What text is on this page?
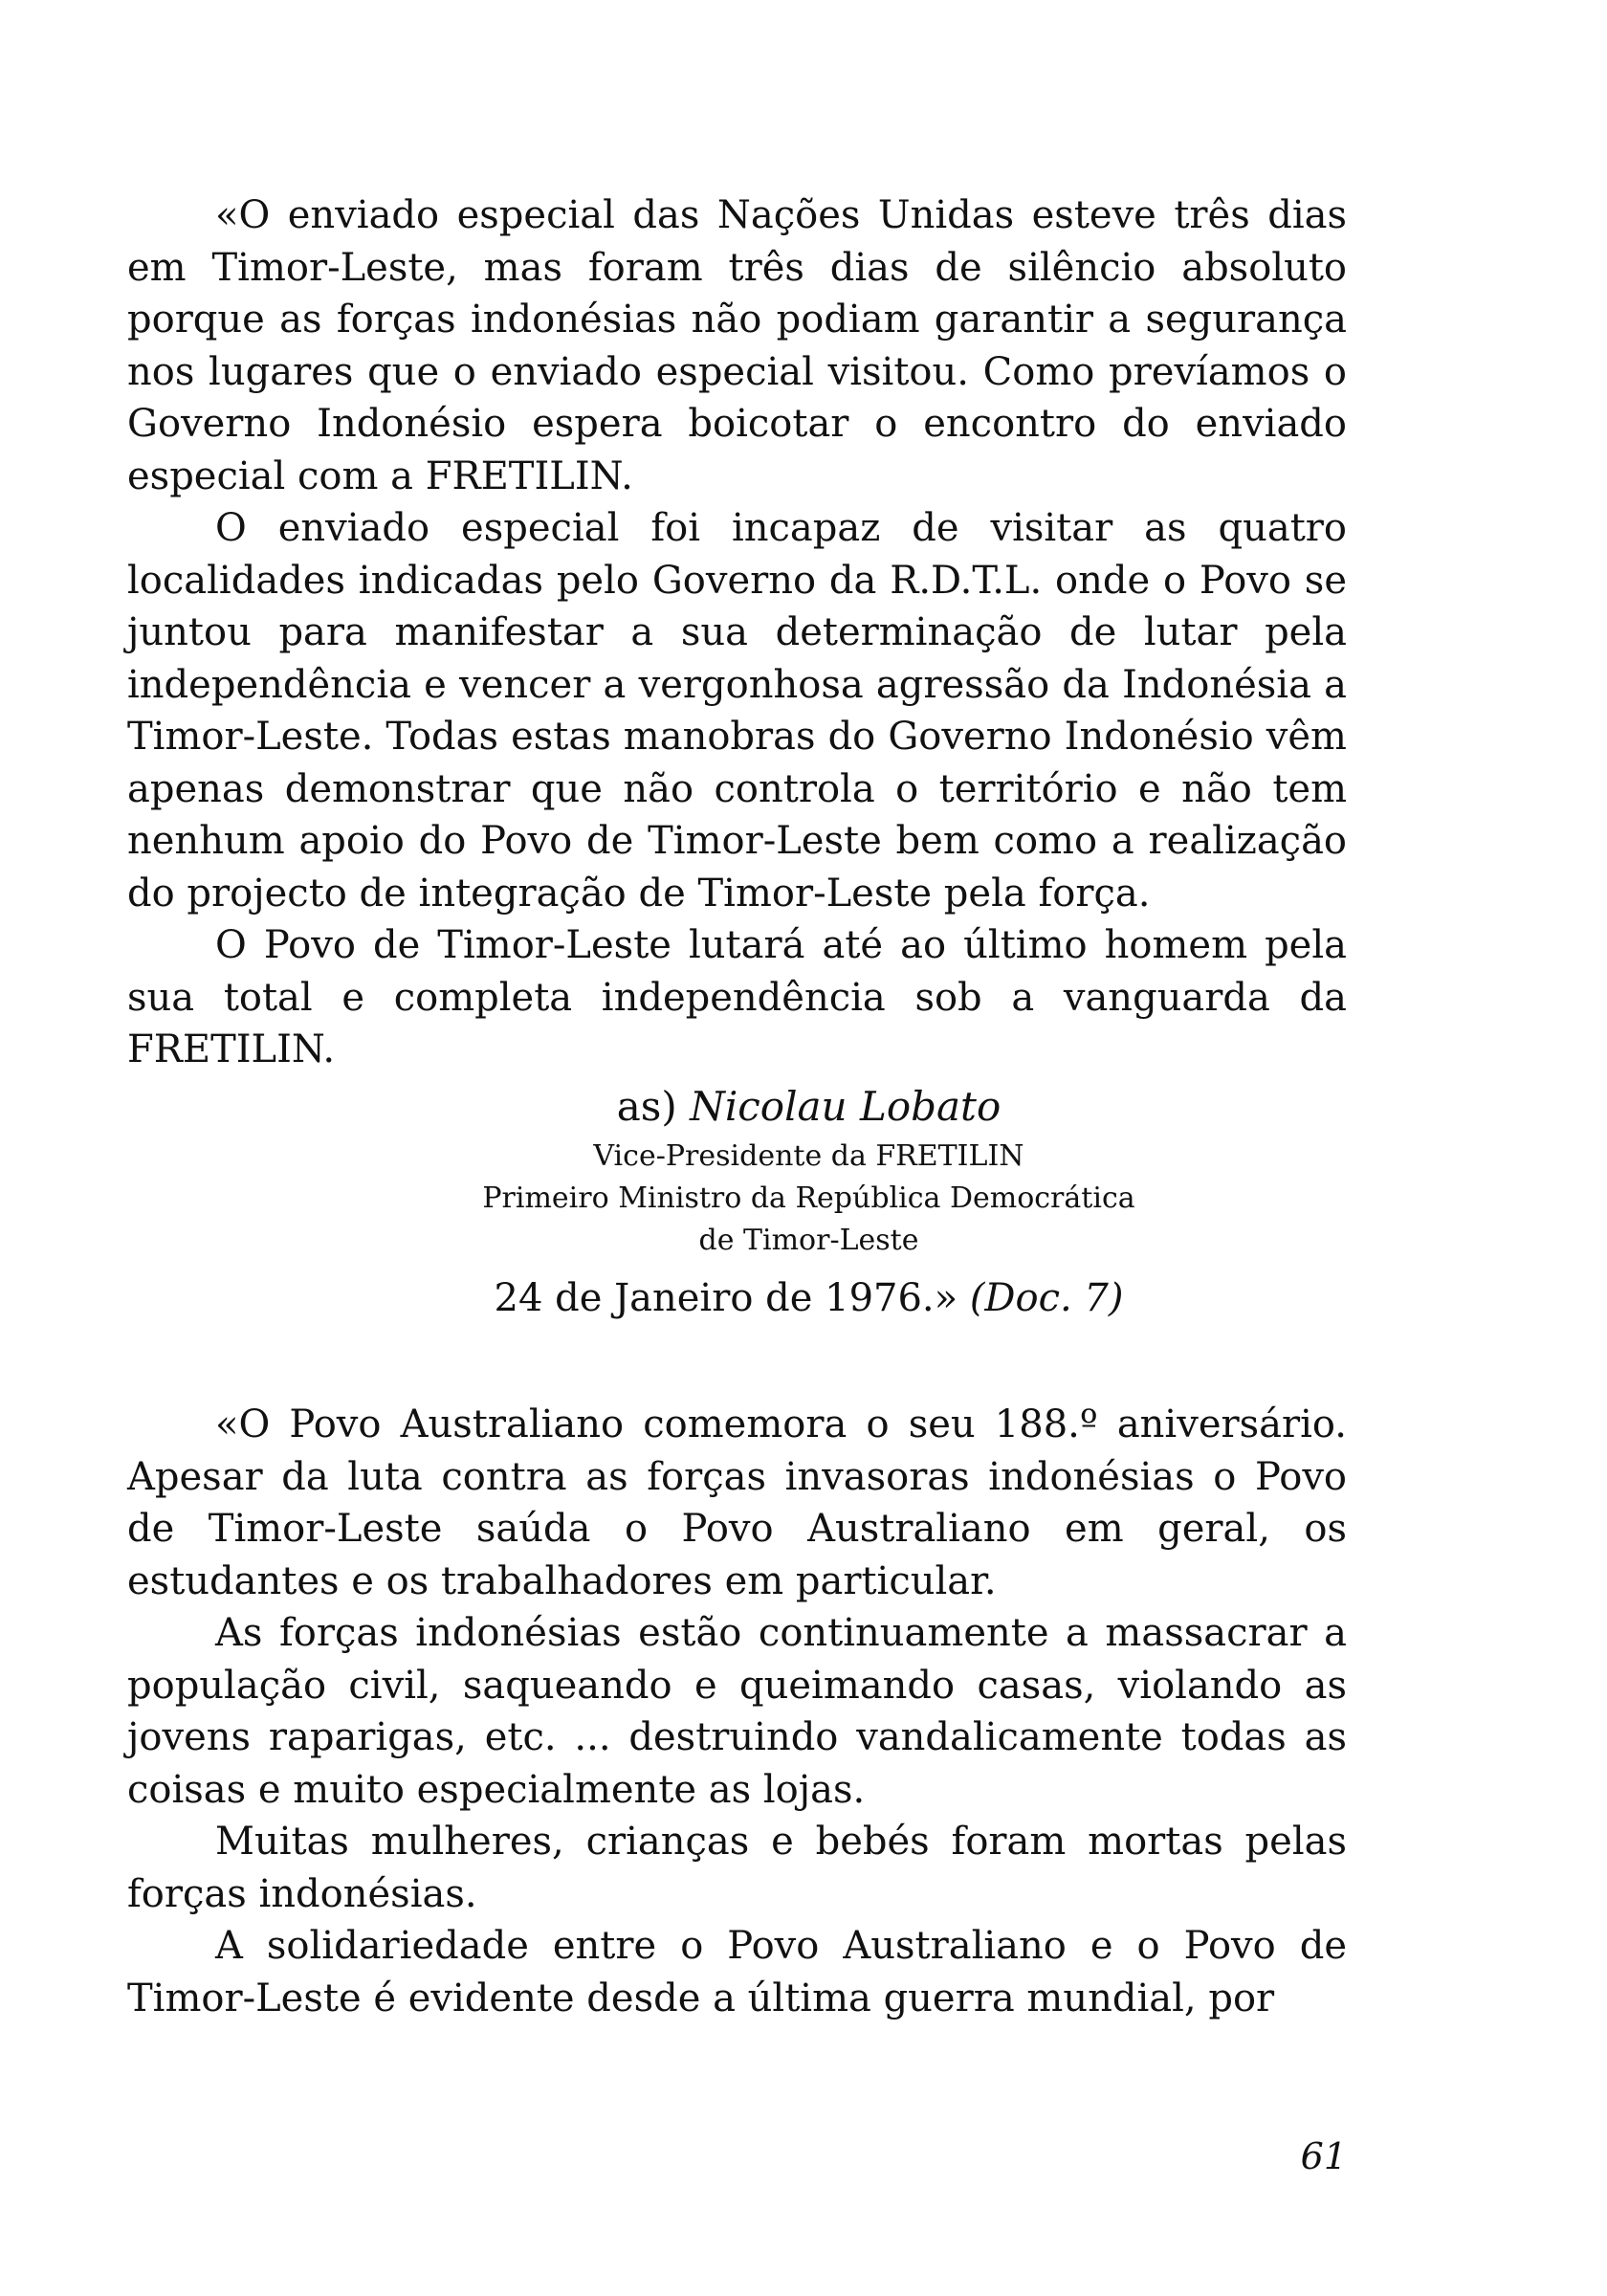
«O enviado especial das Nações Unidas esteve três dias em Timor-Leste, mas foram três dias de silêncio absoluto porque as forças indonésias não podiam garantir a segurança nos lugares que o enviado especial visitou. Como prevíamos o Governo Indonésio espera boicotar o encontro do enviado especial com a FRETILIN.

O enviado especial foi incapaz de visitar as quatro localidades indicadas pelo Governo da R.D.T.L. onde o Povo se juntou para manifestar a sua determinação de lutar pela independência e vencer a vergonhosa agressão da Indonésia a Timor-Leste. Todas estas manobras do Governo Indonésio vêm apenas demonstrar que não controla o território e não tem nenhum apoio do Povo de Timor-Leste bem como a realização do projecto de integração de Timor-Leste pela força.

O Povo de Timor-Leste lutará até ao último homem pela sua total e completa independência sob a vanguarda da FRETILIN.

as) Nicolau Lobato

Vice-Presidente da FRETILIN

Primeiro Ministro da República Democrática

de Timor-Leste

24 de Janeiro de 1976.» (Doc. 7)

«O Povo Australiano comemora o seu 188.º aniversário. Apesar da luta contra as forças invasoras indonésias o Povo de Timor-Leste saúda o Povo Australiano em geral, os estudantes e os trabalhadores em particular.

As forças indonésias estão continuamente a massacrar a população civil, saqueando e queimando casas, violando as jovens raparigas, etc. ... destruindo vandalicamente todas as coisas e muito especialmente as lojas.

Muitas mulheres, crianças e bebés foram mortas pelas forças indonésias.

A solidariedade entre o Povo Australiano e o Povo de Timor-Leste é evidente desde a última guerra mundial, por

61
